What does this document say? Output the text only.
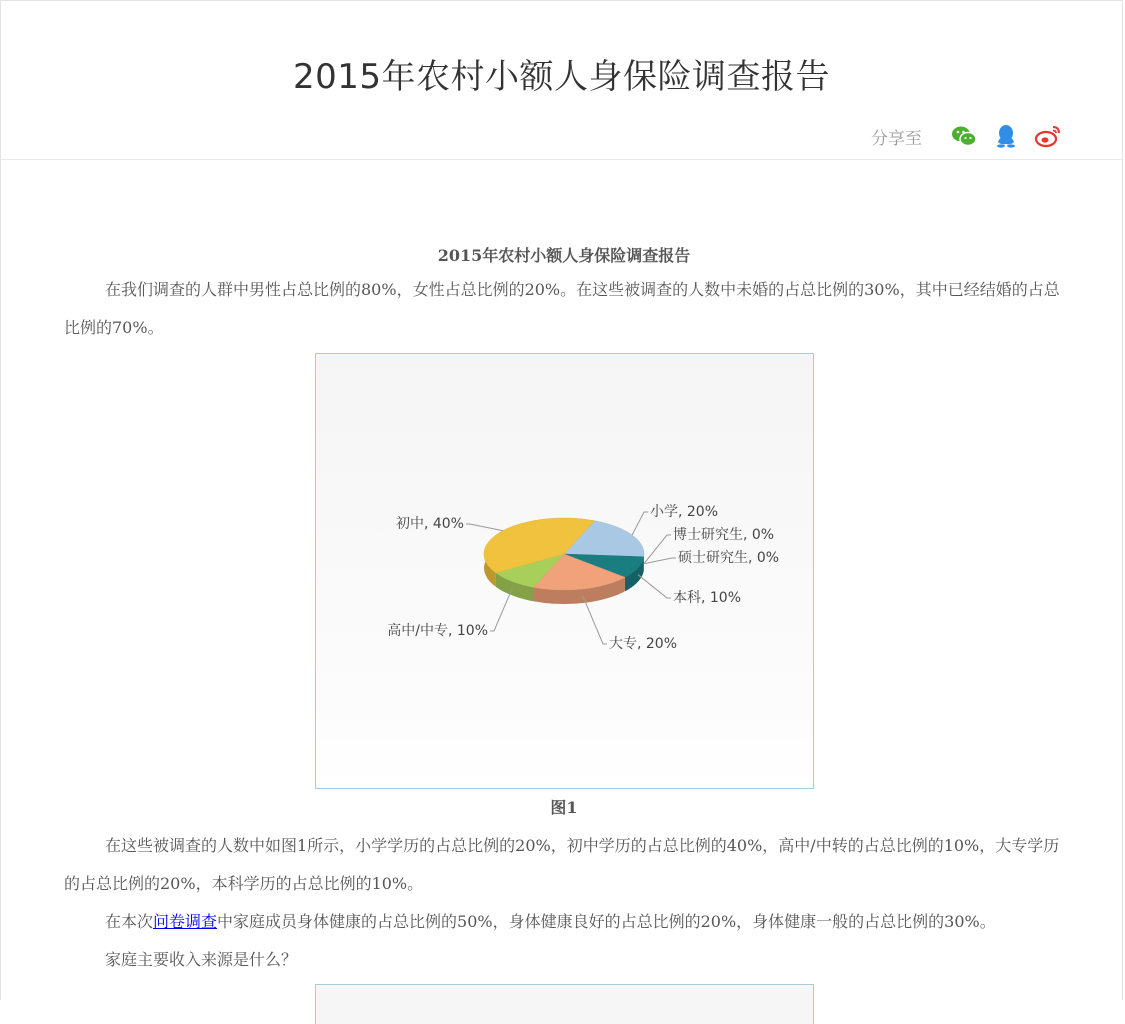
2015年农村小额人身保险调查报告
分享至
2015年农村小额人身保险调查报告

在我们调查的人群中男性占总比例的80%，女性占总比例的20%。在这些被调查的人数中未婚的占总比例的30%，其中已经结婚的占总比例的70%。

小学, 20%
博士研究生, 0%
硕士研究生, 0%
本科, 10%
大专, 20%
高中/中专, 10%
初中, 40%
图1

在这些被调查的人数中如图1所示，小学学历的占总比例的20%，初中学历的占总比例的40%，高中/中转的占总比例的10%，大专学历的占总比例的20%，本科学历的占总比例的10%。

在本次问卷调查中家庭成员身体健康的占总比例的50%，身体健康良好的占总比例的20%，身体健康一般的占总比例的30%。

家庭主要收入来源是什么？
